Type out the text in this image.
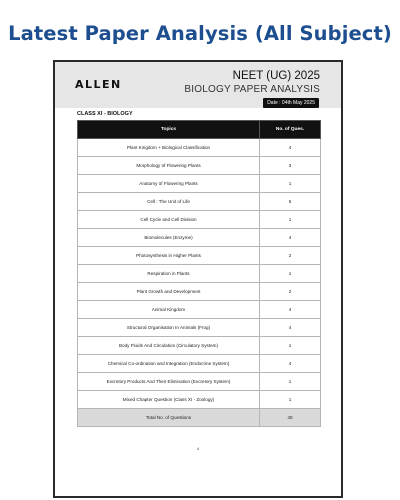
Latest Paper Analysis (All Subject)
ALLEN
NEET (UG) 2025
BIOLOGY PAPER ANALYSIS
Date : 04th May 2025
CLASS XI - BIOLOGY
Topics	No. of Ques.
Plant Kingdom + Biological Classification	4
Morphology of Flowering Plants	3
Anatomy of Flowering Plants	1
Cell : The Unit of Life	5
Cell Cycle and Cell Division	1
Biomolecules (Enzyme)	4
Photosynthesis in Higher Plants	2
Respiration in Plants	1
Plant Growth and Development	2
Animal Kingdom	4
Structural Organisation In Animals (Frog)	4
Body Fluids And Circulation (Circulatory System)	1
Chemical Co-ordination and Integration (Endocrine System)	4
Excretory Products And Their Elimination (Excretory System)	1
Mixed Chapter Question (Class XI - Zoology)	1
Total No. of Questions	40
4
